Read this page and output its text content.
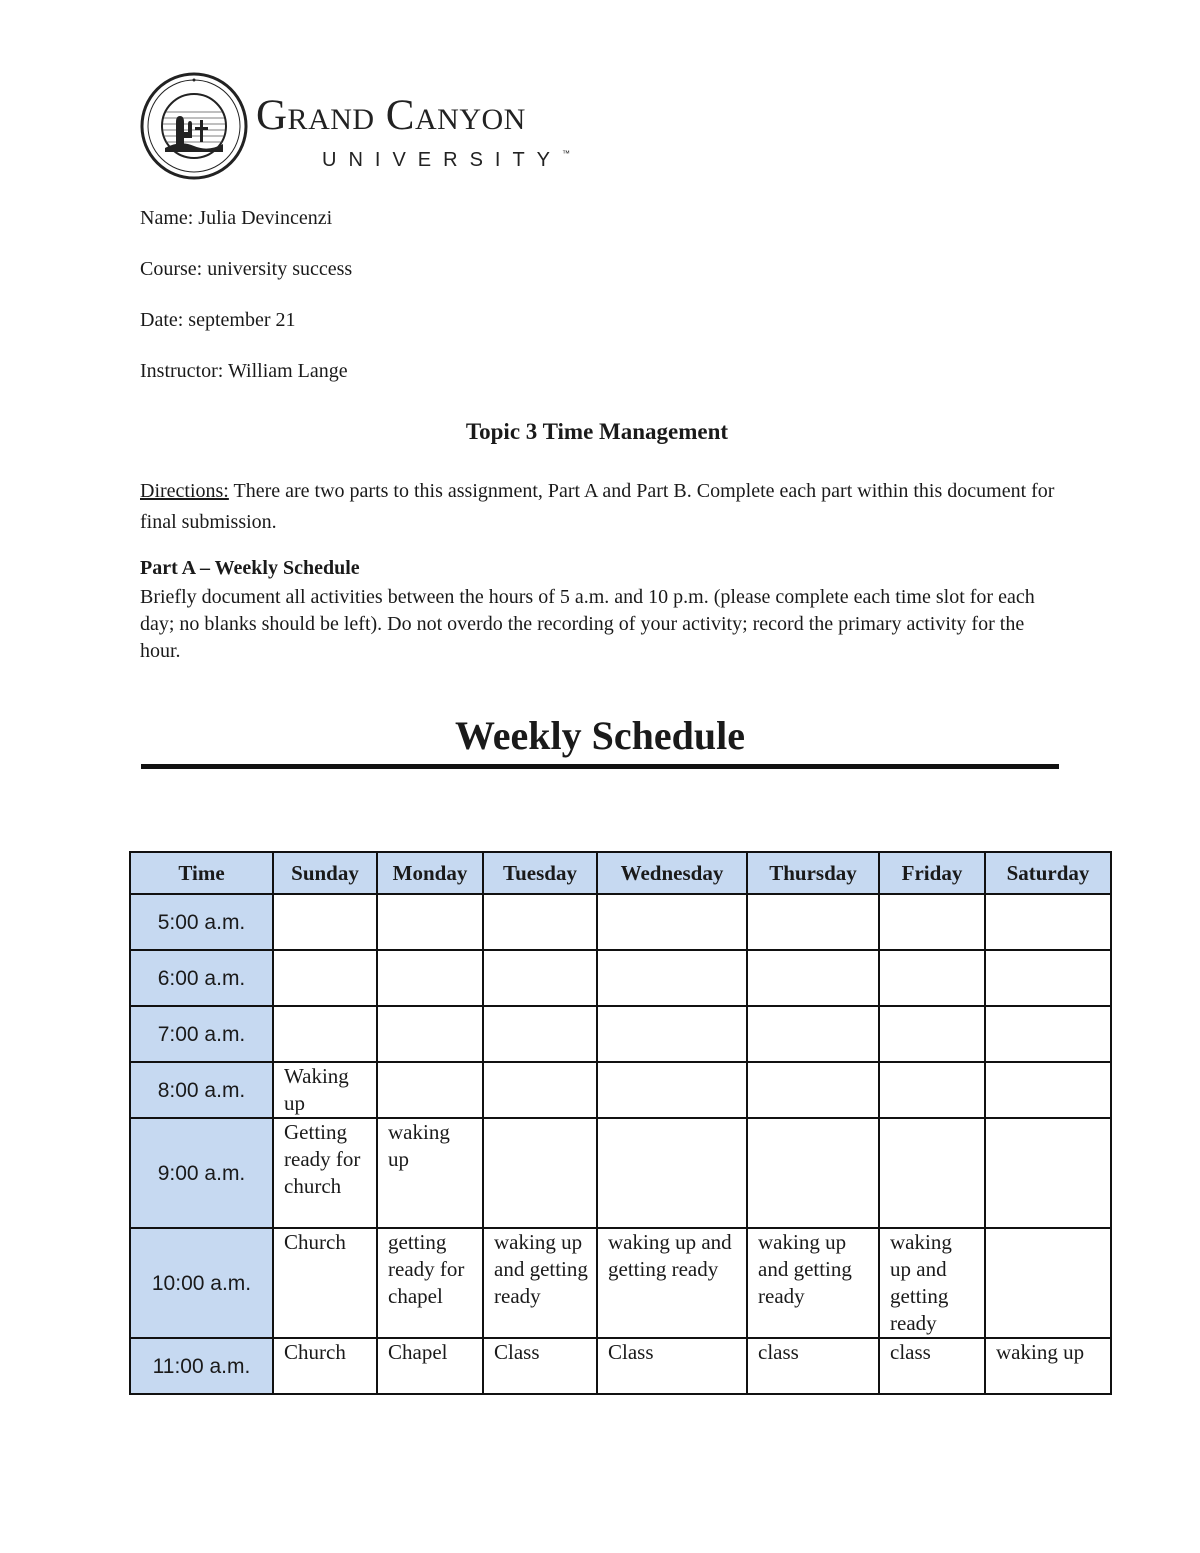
Grand Canyon
UNIVERSITY™
Name: Julia Devincenzi
Course: university success
Date: september 21
Instructor: William Lange
Topic 3 Time Management
Directions: There are two parts to this assignment, Part A and Part B. Complete each part within this document for final submission.
Part A – Weekly Schedule
Briefly document all activities between the hours of 5 a.m. and 10 p.m. (please complete each time slot for each day; no blanks should be left). Do not overdo the recording of your activity; record the primary activity for the hour.
Weekly Schedule
Time	Sunday	Monday	Tuesday	Wednesday	Thursday	Friday	Saturday
5:00 a.m.							
6:00 a.m.							
7:00 a.m.							
8:00 a.m.	Waking up						
9:00 a.m.	Getting ready for church	waking up					
10:00 a.m.	Church	getting ready for chapel	waking up and getting ready	waking up and getting ready	waking up and getting ready	waking up and getting ready	
11:00 a.m.	Church	Chapel	Class	Class	class	class	waking up
